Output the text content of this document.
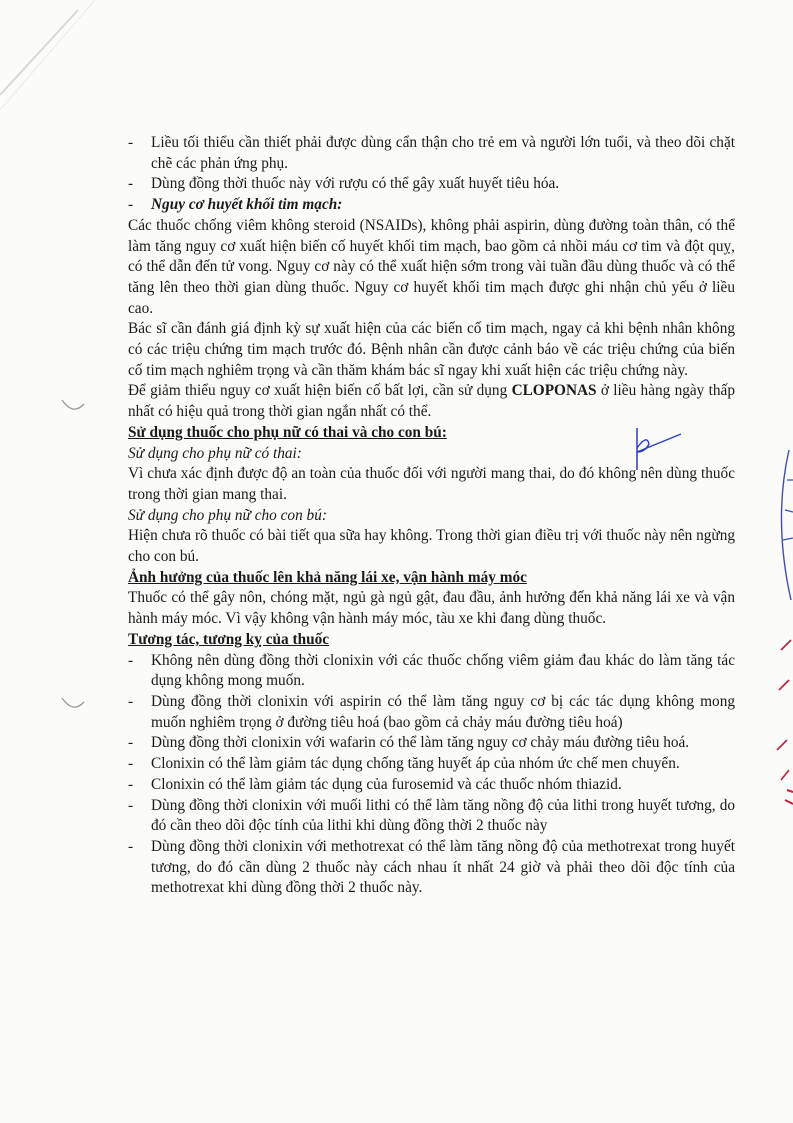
- Liều tối thiểu cần thiết phải được dùng cẩn thận cho trẻ em và người lớn tuổi, và theo dõi chặt chẽ các phản ứng phụ.
- Dùng đồng thời thuốc này với rượu có thể gây xuất huyết tiêu hóa.
- Nguy cơ huyết khối tim mạch:

Các thuốc chống viêm không steroid (NSAIDs), không phải aspirin, dùng đường toàn thân, có thể làm tăng nguy cơ xuất hiện biến cố huyết khối tim mạch, bao gồm cả nhồi máu cơ tim và đột quỵ, có thể dẫn đến tử vong. Nguy cơ này có thể xuất hiện sớm trong vài tuần đầu dùng thuốc và có thể tăng lên theo thời gian dùng thuốc. Nguy cơ huyết khối tim mạch được ghi nhận chủ yếu ở liều cao.

Bác sĩ cần đánh giá định kỳ sự xuất hiện của các biến cố tim mạch, ngay cả khi bệnh nhân không có các triệu chứng tim mạch trước đó. Bệnh nhân cần được cảnh báo về các triệu chứng của biến cố tim mạch nghiêm trọng và cần thăm khám bác sĩ ngay khi xuất hiện các triệu chứng này.

Để giảm thiểu nguy cơ xuất hiện biến cố bất lợi, cần sử dụng CLOPONAS ở liều hàng ngày thấp nhất có hiệu quả trong thời gian ngắn nhất có thể.

Sử dụng thuốc cho phụ nữ có thai và cho con bú:

Sử dụng cho phụ nữ có thai:

Vì chưa xác định được độ an toàn của thuốc đối với người mang thai, do đó không nên dùng thuốc trong thời gian mang thai.

Sử dụng cho phụ nữ cho con bú:

Hiện chưa rõ thuốc có bài tiết qua sữa hay không. Trong thời gian điều trị với thuốc này nên ngừng cho con bú.

Ảnh hưởng của thuốc lên khả năng lái xe, vận hành máy móc

Thuốc có thể gây nôn, chóng mặt, ngủ gà ngủ gật, đau đầu, ảnh hưởng đến khả năng lái xe và vận hành máy móc. Vì vậy không vận hành máy móc, tàu xe khi đang dùng thuốc.

Tương tác, tương kỵ của thuốc

- Không nên dùng đồng thời clonixin với các thuốc chống viêm giảm đau khác do làm tăng tác dụng không mong muốn.
- Dùng đồng thời clonixin với aspirin có thể làm tăng nguy cơ bị các tác dụng không mong muốn nghiêm trọng ở đường tiêu hoá (bao gồm cả chảy máu đường tiêu hoá)
- Dùng đồng thời clonixin với wafarin có thể làm tăng nguy cơ chảy máu đường tiêu hoá.
- Clonixin có thể làm giảm tác dụng chống tăng huyết áp của nhóm ức chế men chuyển.
- Clonixin có thể làm giảm tác dụng của furosemid và các thuốc nhóm thiazid.
- Dùng đồng thời clonixin với muối lithi có thể làm tăng nồng độ của lithi trong huyết tương, do đó cần theo dõi độc tính của lithi khi dùng đồng thời 2 thuốc này
- Dùng đồng thời clonixin với methotrexat có thể làm tăng nồng độ của methotrexat trong huyết tương, do đó cần dùng 2 thuốc này cách nhau ít nhất 24 giờ và phải theo dõi độc tính của methotrexat khi dùng đồng thời 2 thuốc này.
